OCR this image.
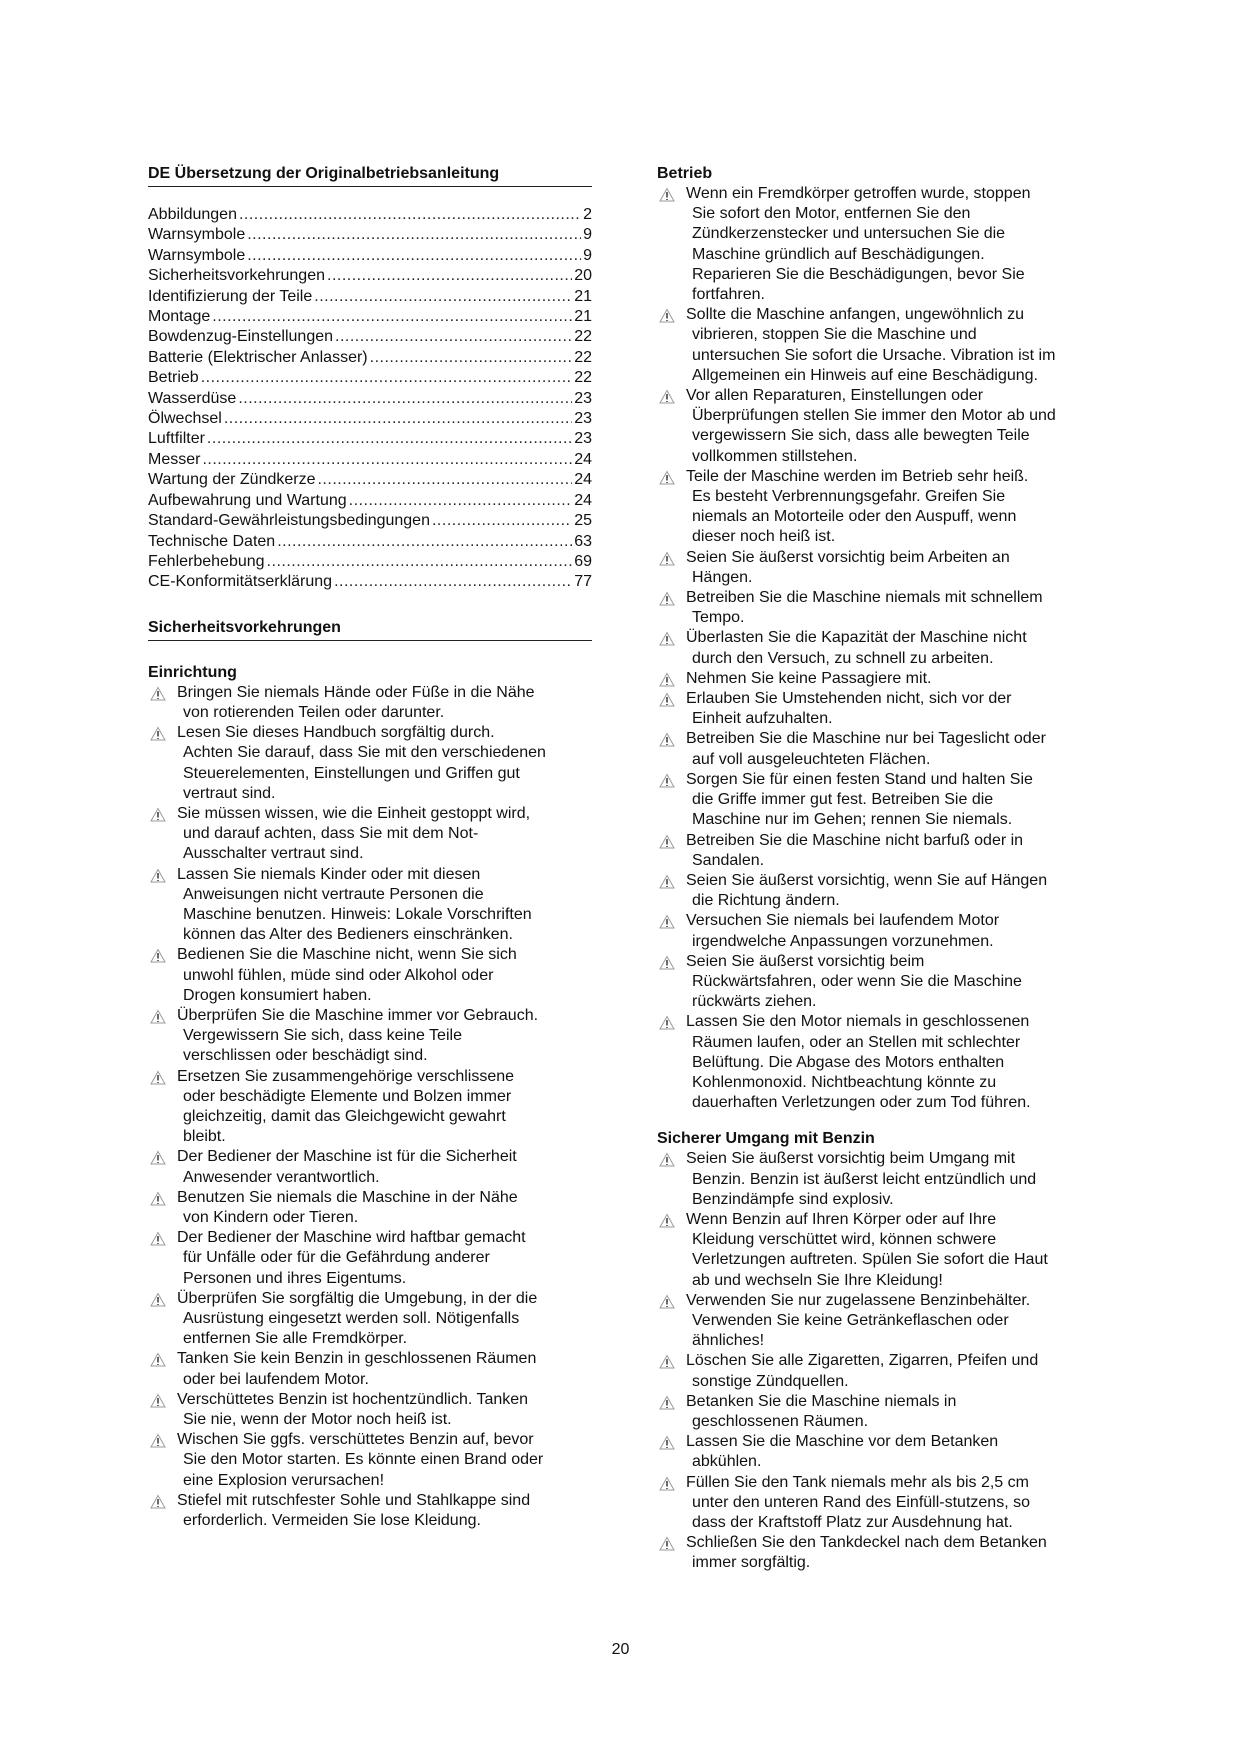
DE Übersetzung der Originalbetriebsanleitung
Abbildungen .....	2
Warnsymbole .....	9
Warnsymbole .....	9
Sicherheitsvorkehrungen .....	20
Identifizierung der Teile .....	21
Montage .....	21
Bowdenzug-Einstellungen .....	22
Batterie (Elektrischer Anlasser) .....	22
Betrieb .....	22
Wasserdüse .....	23
Ölwechsel .....	23
Luftfilter .....	23
Messer .....	24
Wartung der Zündkerze .....	24
Aufbewahrung und Wartung .....	24
Standard-Gewährleistungsbedingungen .....	25
Technische Daten .....	63
Fehlerbehebung .....	69
CE-Konformitätserklärung .....	77
Sicherheitsvorkehrungen
Einrichtung
Bringen Sie niemals Hände oder Füße in die Nähe
von rotierenden Teilen oder darunter.
Lesen Sie dieses Handbuch sorgfältig durch.
Achten Sie darauf, dass Sie mit den verschiedenen
Steuerelementen, Einstellungen und Griffen gut
vertraut sind.
Sie müssen wissen, wie die Einheit gestoppt wird,
und darauf achten, dass Sie mit dem Not-
Ausschalter vertraut sind.
Lassen Sie niemals Kinder oder mit diesen
Anweisungen nicht vertraute Personen die
Maschine benutzen. Hinweis: Lokale Vorschriften
können das Alter des Bedieners einschränken.
Bedienen Sie die Maschine nicht, wenn Sie sich
unwohl fühlen, müde sind oder Alkohol oder
Drogen konsumiert haben.
Überprüfen Sie die Maschine immer vor Gebrauch.
Vergewissern Sie sich, dass keine Teile
verschlissen oder beschädigt sind.
Ersetzen Sie zusammengehörige verschlissene
oder beschädigte Elemente und Bolzen immer
gleichzeitig, damit das Gleichgewicht gewahrt
bleibt.
Der Bediener der Maschine ist für die Sicherheit
Anwesender verantwortlich.
Benutzen Sie niemals die Maschine in der Nähe
von Kindern oder Tieren.
Der Bediener der Maschine wird haftbar gemacht
für Unfälle oder für die Gefährdung anderer
Personen und ihres Eigentums.
Überprüfen Sie sorgfältig die Umgebung, in der die
Ausrüstung eingesetzt werden soll. Nötigenfalls
entfernen Sie alle Fremdkörper.
Tanken Sie kein Benzin in geschlossenen Räumen
oder bei laufendem Motor.
Verschüttetes Benzin ist hochentzündlich. Tanken
Sie nie, wenn der Motor noch heiß ist.
Wischen Sie ggfs. verschüttetes Benzin auf, bevor
Sie den Motor starten. Es könnte einen Brand oder
eine Explosion verursachen!
Stiefel mit rutschfester Sohle und Stahlkappe sind
erforderlich. Vermeiden Sie lose Kleidung.
Betrieb
Wenn ein Fremdkörper getroffen wurde, stoppen
Sie sofort den Motor, entfernen Sie den
Zündkerzenstecker und untersuchen Sie die
Maschine gründlich auf Beschädigungen.
Reparieren Sie die Beschädigungen, bevor Sie
fortfahren.
Sollte die Maschine anfangen, ungewöhnlich zu
vibrieren, stoppen Sie die Maschine und
untersuchen Sie sofort die Ursache. Vibration ist im
Allgemeinen ein Hinweis auf eine Beschädigung.
Vor allen Reparaturen, Einstellungen oder
Überprüfungen stellen Sie immer den Motor ab und
vergewissern Sie sich, dass alle bewegten Teile
vollkommen stillstehen.
Teile der Maschine werden im Betrieb sehr heiß.
Es besteht Verbrennungsgefahr. Greifen Sie
niemals an Motorteile oder den Auspuff, wenn
dieser noch heiß ist.
Seien Sie äußerst vorsichtig beim Arbeiten an
Hängen.
Betreiben Sie die Maschine niemals mit schnellem
Tempo.
Überlasten Sie die Kapazität der Maschine nicht
durch den Versuch, zu schnell zu arbeiten.
Nehmen Sie keine Passagiere mit.
Erlauben Sie Umstehenden nicht, sich vor der
Einheit aufzuhalten.
Betreiben Sie die Maschine nur bei Tageslicht oder
auf voll ausgeleuchteten Flächen.
Sorgen Sie für einen festen Stand und halten Sie
die Griffe immer gut fest. Betreiben Sie die
Maschine nur im Gehen; rennen Sie niemals.
Betreiben Sie die Maschine nicht barfuß oder in
Sandalen.
Seien Sie äußerst vorsichtig, wenn Sie auf Hängen
die Richtung ändern.
Versuchen Sie niemals bei laufendem Motor
irgendwelche Anpassungen vorzunehmen.
Seien Sie äußerst vorsichtig beim
Rückwärtsfahren, oder wenn Sie die Maschine
rückwärts ziehen.
Lassen Sie den Motor niemals in geschlossenen
Räumen laufen, oder an Stellen mit schlechter
Belüftung. Die Abgase des Motors enthalten
Kohlenmonoxid. Nichtbeachtung könnte zu
dauerhaften Verletzungen oder zum Tod führen.
Sicherer Umgang mit Benzin
Seien Sie äußerst vorsichtig beim Umgang mit
Benzin. Benzin ist äußerst leicht entzündlich und
Benzindämpfe sind explosiv.
Wenn Benzin auf Ihren Körper oder auf Ihre
Kleidung verschüttet wird, können schwere
Verletzungen auftreten. Spülen Sie sofort die Haut
ab und wechseln Sie Ihre Kleidung!
Verwenden Sie nur zugelassene Benzinbehälter.
Verwenden Sie keine Getränkeflaschen oder
ähnliches!
Löschen Sie alle Zigaretten, Zigarren, Pfeifen und
sonstige Zündquellen.
Betanken Sie die Maschine niemals in
geschlossenen Räumen.
Lassen Sie die Maschine vor dem Betanken
abkühlen.
Füllen Sie den Tank niemals mehr als bis 2,5 cm
unter den unteren Rand des Einfüll-stutzens, so
dass der Kraftstoff Platz zur Ausdehnung hat.
Schließen Sie den Tankdeckel nach dem Betanken
immer sorgfältig.
20
